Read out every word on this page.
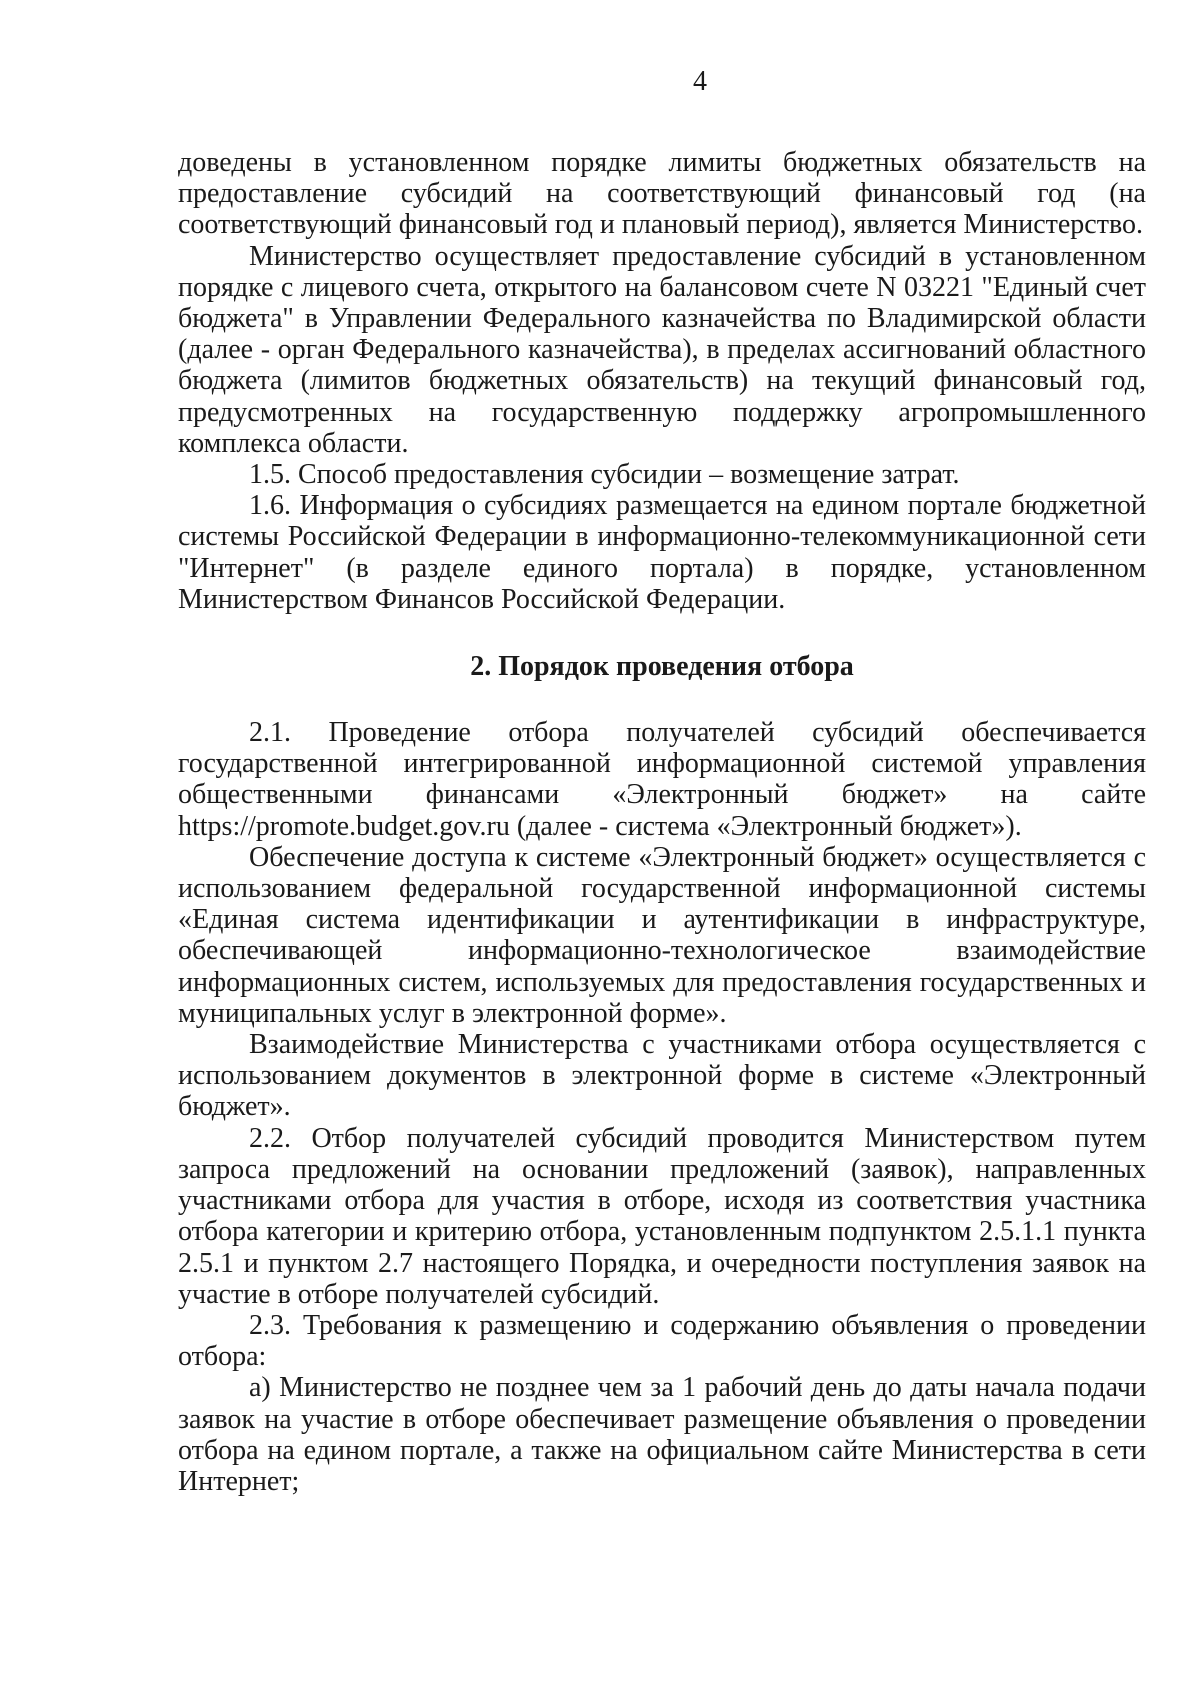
4

доведены в установленном порядке лимиты бюджетных обязательств на предоставление субсидий на соответствующий финансовый год (на соответствующий финансовый год и плановый период), является Министерство.

Министерство осуществляет предоставление субсидий в установленном порядке с лицевого счета, открытого на балансовом счете N 03221 "Единый счет бюджета" в Управлении Федерального казначейства по Владимирской области (далее - орган Федерального казначейства), в пределах ассигнований областного бюджета (лимитов бюджетных обязательств) на текущий финансовый год, предусмотренных на государственную поддержку агропромышленного комплекса области.

1.5. Способ предоставления субсидии – возмещение затрат.

1.6. Информация о субсидиях размещается на едином портале бюджетной системы Российской Федерации в информационно-телекоммуникационной сети "Интернет" (в разделе единого портала) в порядке, установленном Министерством Финансов Российской Федерации.

2. Порядок проведения отбора

2.1. Проведение отбора получателей субсидий обеспечивается государственной интегрированной информационной системой управления общественными финансами «Электронный бюджет» на сайте https://promote.budget.gov.ru (далее - система «Электронный бюджет»).

Обеспечение доступа к системе «Электронный бюджет» осуществляется с использованием федеральной государственной информационной системы «Единая система идентификации и аутентификации в инфраструктуре, обеспечивающей информационно-технологическое взаимодействие информационных систем, используемых для предоставления государственных и муниципальных услуг в электронной форме».

Взаимодействие Министерства с участниками отбора осуществляется с использованием документов в электронной форме в системе «Электронный бюджет».

2.2. Отбор получателей субсидий проводится Министерством путем запроса предложений на основании предложений (заявок), направленных участниками отбора для участия в отборе, исходя из соответствия участника отбора категории и критерию отбора, установленным подпунктом 2.5.1.1 пункта 2.5.1 и пунктом 2.7 настоящего Порядка, и очередности поступления заявок на участие в отборе получателей субсидий.

2.3. Требования к размещению и содержанию объявления о проведении отбора:

а) Министерство не позднее чем за 1 рабочий день до даты начала подачи заявок на участие в отборе обеспечивает размещение объявления о проведении отбора на едином портале, а также на официальном сайте Министерства в сети Интернет;
